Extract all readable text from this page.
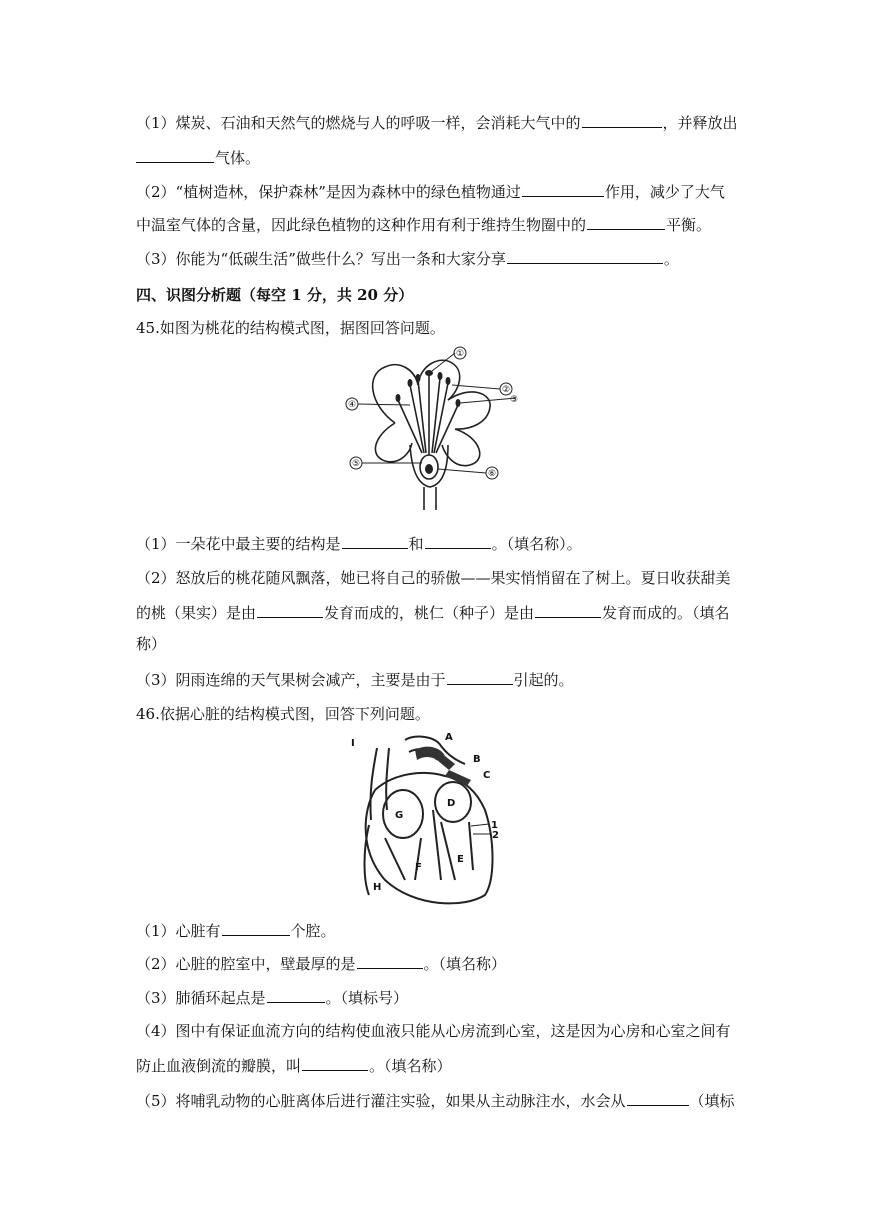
（1）煤炭、石油和天然气的燃烧与人的呼吸一样，会消耗大气中的	，并释放出
气体。
（2）“植树造林，保护森林”是因为森林中的绿色植物通过	作用，减少了大气
中温室气体的含量，因此绿色植物的这种作用有利于维持生物圈中的	平衡。
（3）你能为“低碳生活”做些什么？写出一条和大家分享	。
四、识图分析题（每空 1 分，共 20 分）
45.如图为桃花的结构模式图，据图回答问题。
①
②
③
④
⑤
⑥
（1）一朵花中最主要的结构是	和	。（填名称）。
（2）怒放后的桃花随风飘落，她已将自己的骄傲——果实悄悄留在了树上。夏日收获甜美
的桃（果实）是由	发育而成的，桃仁（种子）是由	发育而成的。（填名
称）
（3）阴雨连绵的天气果树会减产，主要是由于	引起的。
46.依据心脏的结构模式图，回答下列问题。
I
A
B
C
D
1
2
G
E
F
H
（1）心脏有	个腔。
（2）心脏的腔室中，壁最厚的是	。（填名称）
（3）肺循环起点是	。（填标号）
（4）图中有保证血流方向的结构使血液只能从心房流到心室，这是因为心房和心室之间有
防止血液倒流的瓣膜，叫	。（填名称）
（5）将哺乳动物的心脏离体后进行灌注实验，如果从主动脉注水，水会从	（填标
